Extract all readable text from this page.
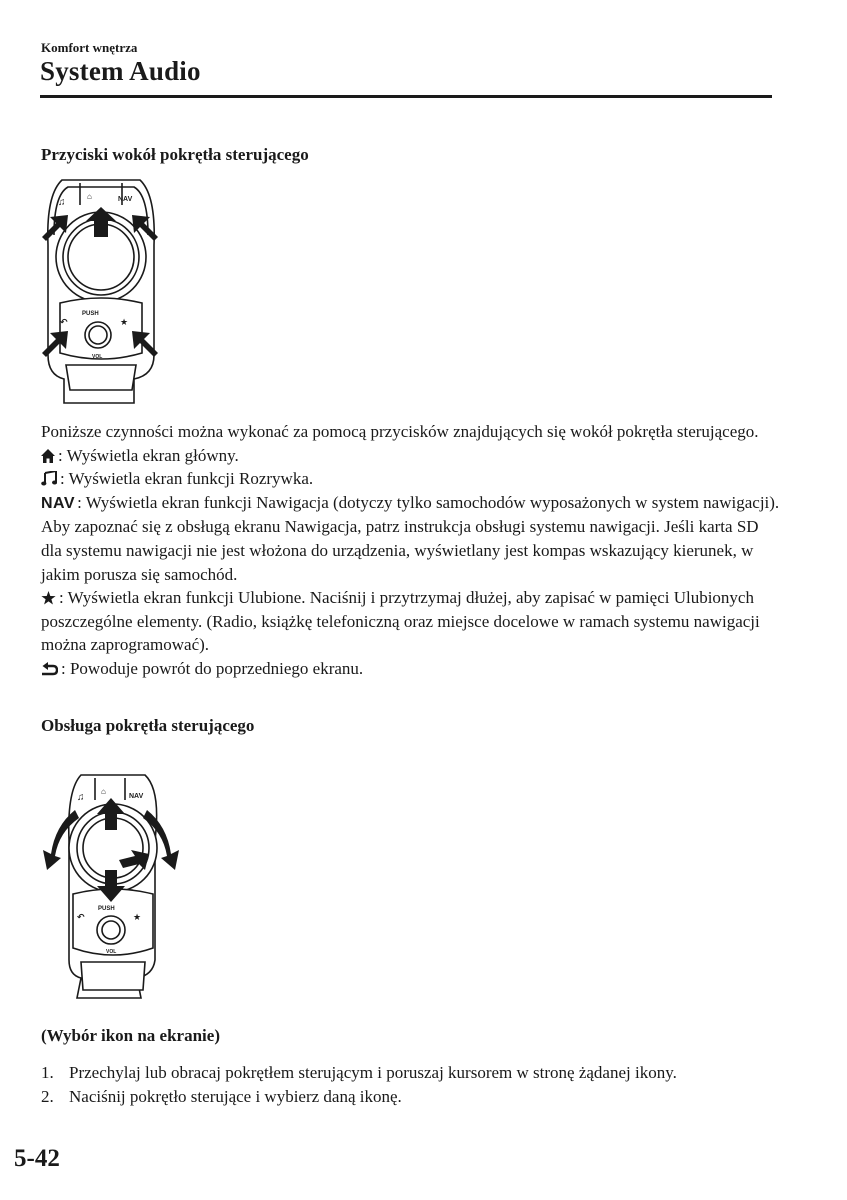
Komfort wnętrza
System Audio
Przyciski wokół pokrętła sterującego
PUSH
VOL
NAV
♫
⌂
↶	★

Poniższe czynności można wykonać za pomocą przycisków znajdujących się wokół pokrętła sterującego.

: Wyświetla ekran główny.

: Wyświetla ekran funkcji Rozrywka.

NAV : Wyświetla ekran funkcji Nawigacja (dotyczy tylko samochodów wyposażonych w system nawigacji). Aby zapoznać się z obsługą ekranu Nawigacja, patrz instrukcja obsługi systemu nawigacji. Jeśli karta SD dla systemu nawigacji nie jest włożona do urządzenia, wyświetlany jest kompas wskazujący kierunek, w jakim porusza się samochód.

: Wyświetla ekran funkcji Ulubione. Naciśnij i przytrzymaj dłużej, aby zapisać w pamięci Ulubionych poszczególne elementy. (Radio, książkę telefoniczną oraz miejsce docelowe w ramach systemu nawigacji można zaprogramować).

: Powoduje powrót do poprzedniego ekranu.

Obsługa pokrętła sterującego
PUSH
VOL
NAV
♫
⌂
↶	★
(Wybór ikon na ekranie)
1. Przechylaj lub obracaj pokrętłem sterującym i poruszaj kursorem w stronę żądanej ikony.
2. Naciśnij pokrętło sterujące i wybierz daną ikonę.
5-42
